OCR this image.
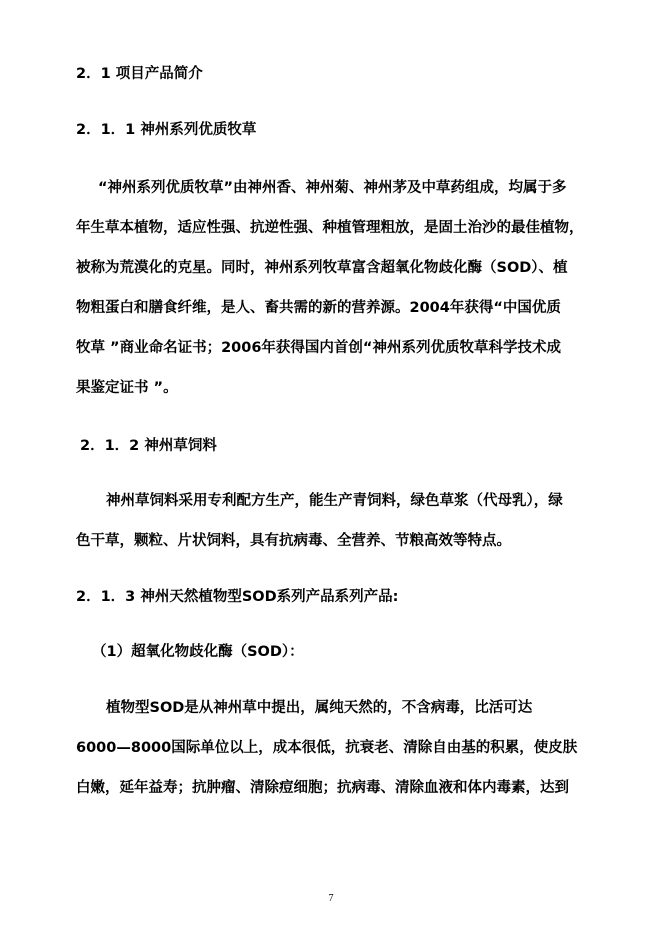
2．1 项目产品简介
2．1．1 神州系列优质牧草
“神州系列优质牧草”由神州香、神州菊、神州茅及中草药组成，均属于多
年生草本植物，适应性强、抗逆性强、种植管理粗放，是固土治沙的最佳植物，
被称为荒漠化的克星。同时，神州系列牧草富含超氧化物歧化酶（SOD）、植
物粗蛋白和膳食纤维，是人、畜共需的新的营养源。2004年获得“中国优质
牧草 ”商业命名证书；2006年获得国内首创“神州系列优质牧草科学技术成
果鉴定证书 ”。
2．1．2 神州草饲料
神州草饲料采用专利配方生产，能生产青饲料，绿色草浆（代母乳），绿
色干草，颗粒、片状饲料，具有抗病毒、全营养、节粮高效等特点。
2．1．3 神州天然植物型SOD系列产品系列产品:
（1）超氧化物歧化酶（SOD）：
植物型SOD是从神州草中提出，属纯天然的，不含病毒，比活可达
6000—8000国际单位以上，成本很低，抗衰老、清除自由基的积累，使皮肤
白嫩，延年益寿；抗肿瘤、清除痘细胞；抗病毒、清除血液和体内毒素，达到
7
